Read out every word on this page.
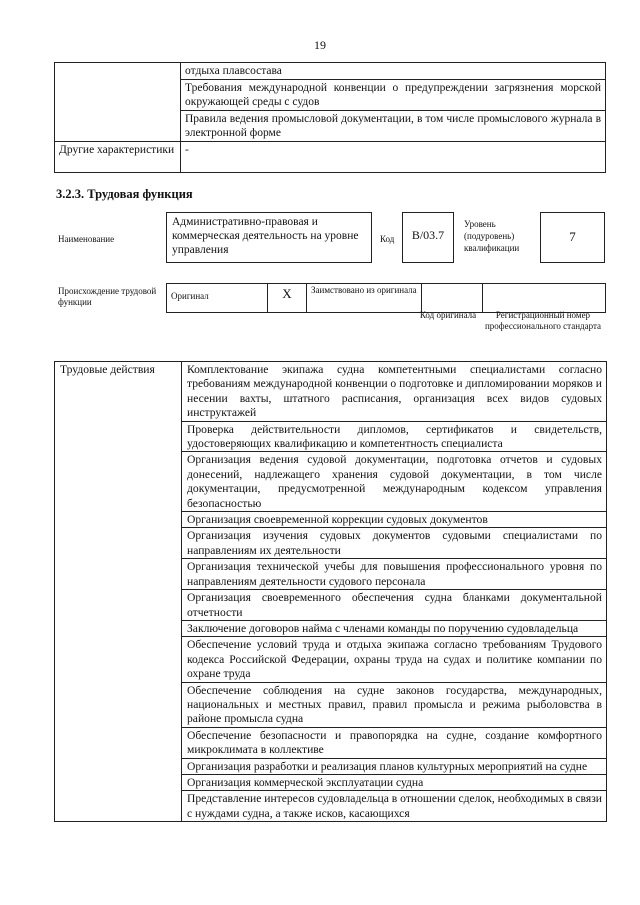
19
	отдыха плавсостава
	Требования международной конвенции о предупреждении загрязнения морской окружающей среды с судов
	Правила ведения промысловой документации, в том числе промыслового журнала в электронной форме
Другие характеристики	-
3.2.3. Трудовая функция
Наименование
Административно-правовая и коммерческая деятельность на уровне управления
Код	B/03.7
Уровень (подуровень) квалификации
7
Происхождение трудовой функции
Оригинал	X	Заимствовано из оригинала		
Код оригинала	Регистрационный номер профессионального стандарта
Трудовые действия	Комплектование экипажа судна компетентными специалистами согласно требованиям международной конвенции о подготовке и дипломировании моряков и несении вахты, штатного расписания, организация всех видов судовых инструктажей
Проверка действительности дипломов, сертификатов и свидетельств, удостоверяющих квалификацию и компетентность специалиста
Организация ведения судовой документации, подготовка отчетов и судовых донесений, надлежащего хранения судовой документации, в том числе документации, предусмотренной международным кодексом управления безопасностью
Организация своевременной коррекции судовых документов
Организация изучения судовых документов судовыми специалистами по направлениям их деятельности
Организация технической учебы для повышения профессионального уровня по направлениям деятельности судового персонала
Организация своевременного обеспечения судна бланками документальной отчетности
Заключение договоров найма с членами команды по поручению судовладельца
Обеспечение условий труда и отдыха экипажа согласно требованиям Трудового кодекса Российской Федерации, охраны труда на судах и политике компании по охране труда
Обеспечение соблюдения на судне законов государства, международных, национальных и местных правил, правил промысла и режима рыболовства в районе промысла судна
Обеспечение безопасности и правопорядка на судне, создание комфортного микроклимата в коллективе
Организация разработки и реализация планов культурных мероприятий на судне
Организация коммерческой эксплуатации судна
Представление интересов судовладельца в отношении сделок, необходимых в связи с нуждами судна, а также исков, касающихся
